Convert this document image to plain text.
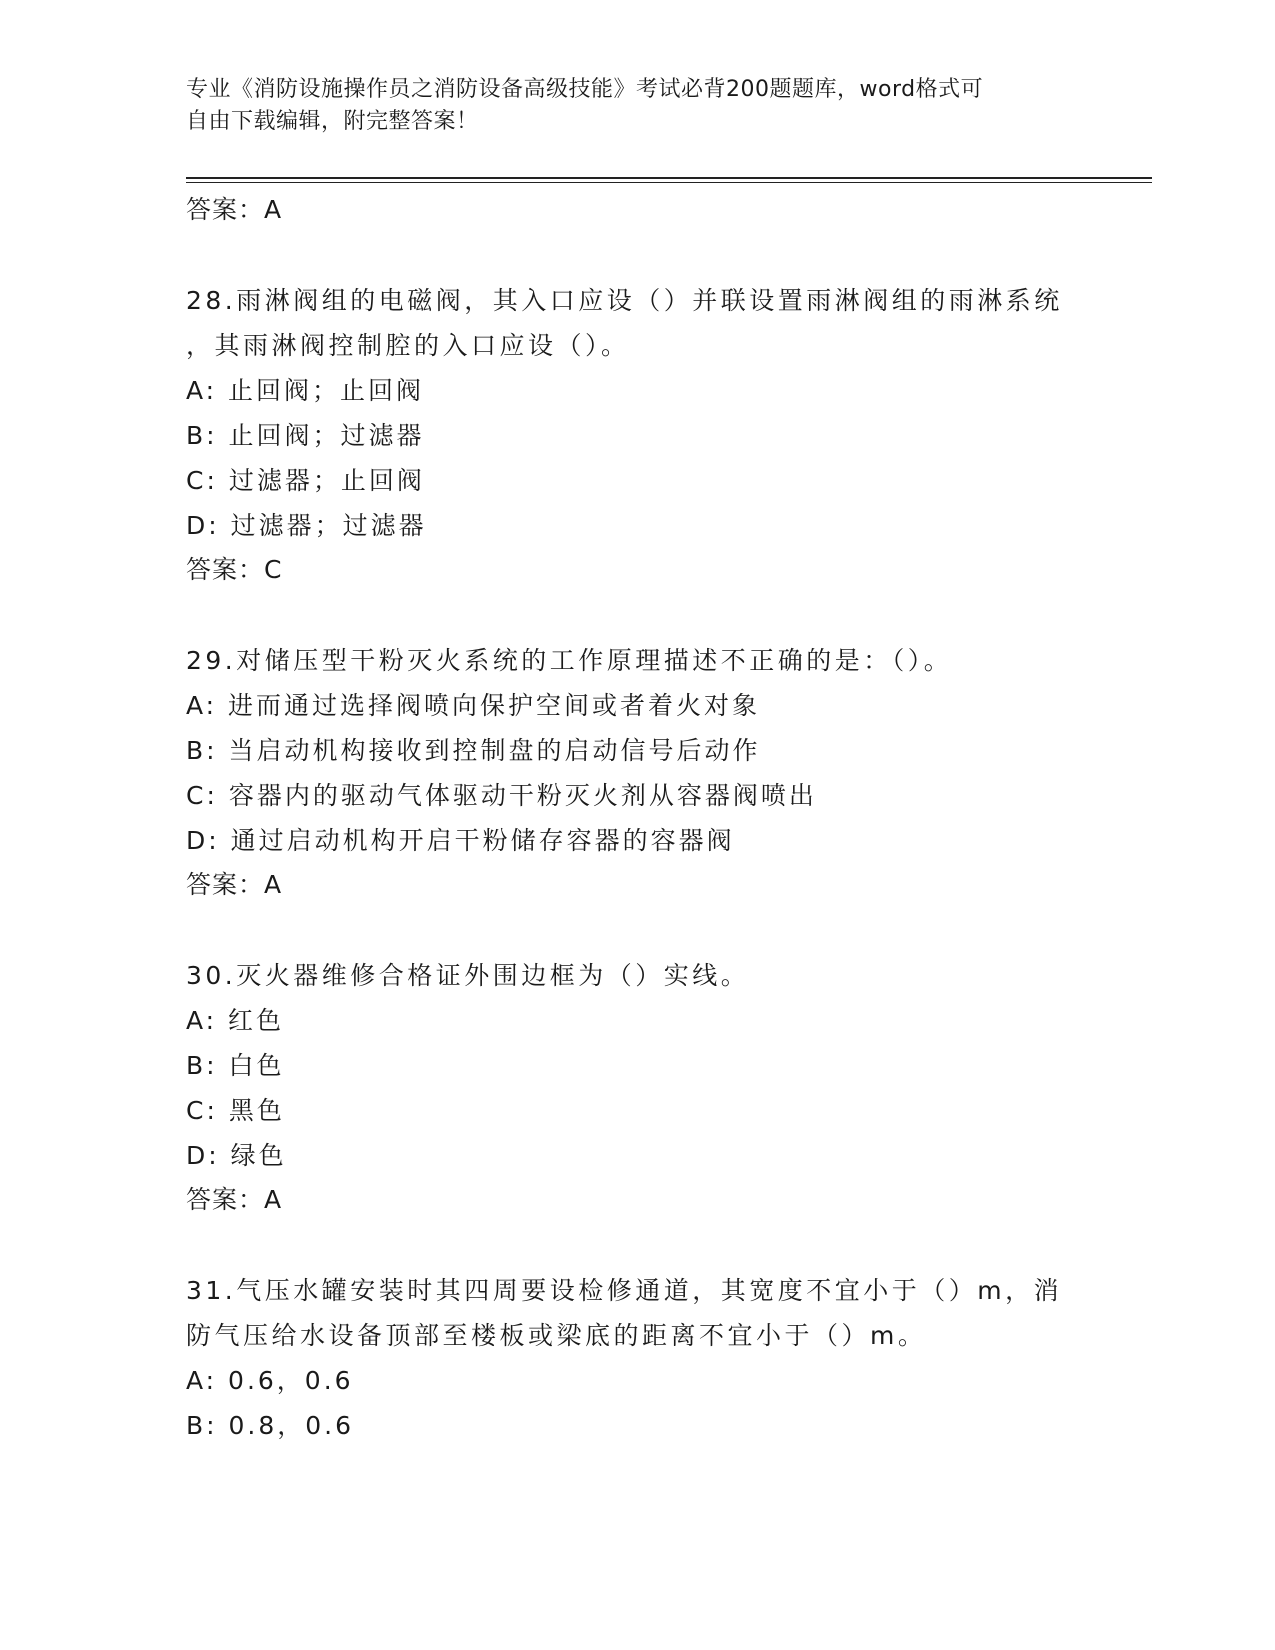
专业《消防设施操作员之消防设备高级技能》考试必背200题题库，word格式可
自由下载编辑，附完整答案！

答案：A

28.雨淋阀组的电磁阀，其入口应设（）并联设置雨淋阀组的雨淋系统

，其雨淋阀控制腔的入口应设（）。

A: 止回阀；止回阀

B: 止回阀；过滤器

C: 过滤器；止回阀

D: 过滤器；过滤器

答案：C

29.对储压型干粉灭火系统的工作原理描述不正确的是：（）。

A: 进而通过选择阀喷向保护空间或者着火对象

B: 当启动机构接收到控制盘的启动信号后动作

C: 容器内的驱动气体驱动干粉灭火剂从容器阀喷出

D: 通过启动机构开启干粉储存容器的容器阀

答案：A

30.灭火器维修合格证外围边框为（）实线。

A: 红色

B: 白色

C: 黑色

D: 绿色

答案：A

31.气压水罐安装时其四周要设检修通道，其宽度不宜小于（）m，消

防气压给水设备顶部至楼板或梁底的距离不宜小于（）m。

A: 0.6，0.6

B: 0.8，0.6
